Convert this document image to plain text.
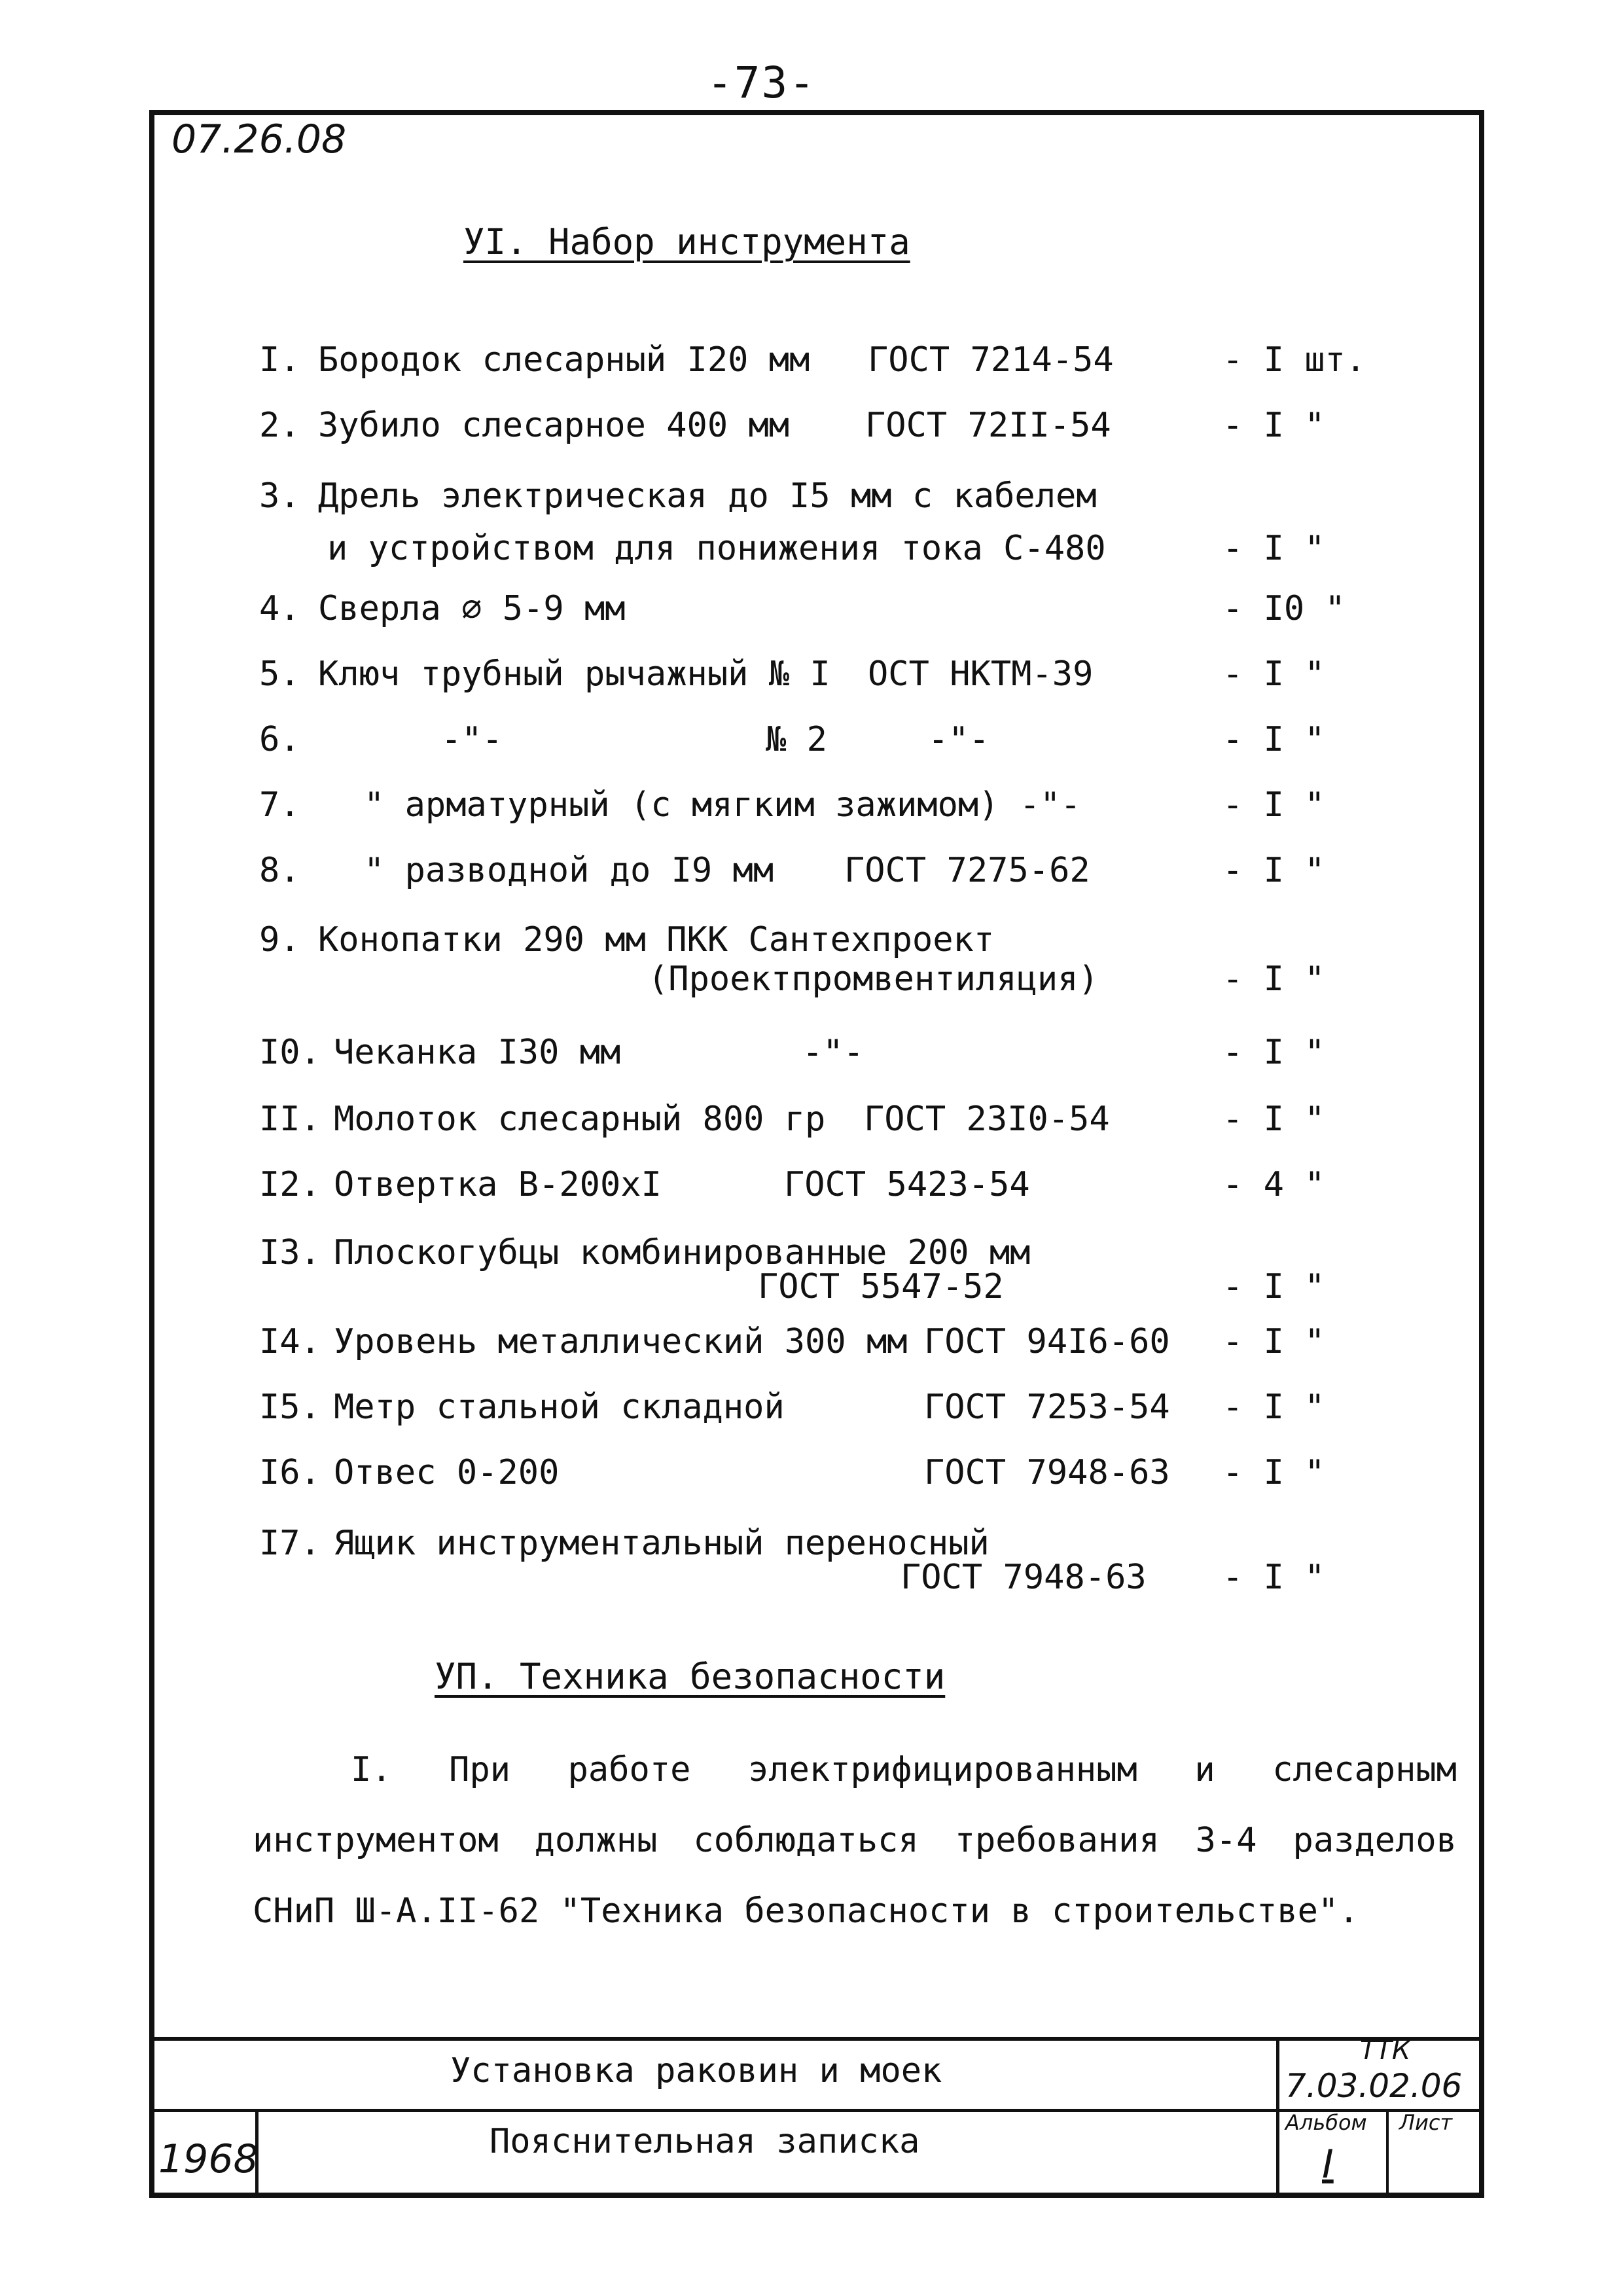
-73-
07.26.08
УI. Набор инструмента
I. Бородок слесарный I20 мм ГОСТ 7214-54	- I шт.
2. Зубило слесарное 400 мм ГОСТ 72II-54	- I "
3. Дрель электрическая до I5 мм с кабелем
и устройством для понижения тока С-480	- I "
4. Сверла ∅ 5-9 мм	- I0 "
5. Ключ трубный рычажный № I ОСТ НКТМ-39	- I "
6.	-"-	№ 2	-"-	- I "
7. " арматурный (с мягким зажимом) -"-	- I "
8. " разводной до I9 мм ГОСТ 7275-62	- I "
9. Конопатки 290 мм ПКК Сантехпроект
(Проектпромвентиляция)	- I "
I0. Чеканка I30 мм	-"-	- I "
II. Молоток слесарный 800 гр ГОСТ 23I0-54	- I "
I2. Отвертка В-200хI	ГОСТ 5423-54	- 4 "
I3. Плоскогубцы комбинированные 200 мм
ГОСТ 5547-52	- I "
I4. Уровень металлический 300 мм ГОСТ 94I6-60 - I "
I5. Метр стальной складной	ГОСТ 7253-54 - I "
I6. Отвес 0-200	ГОСТ 7948-63 - I "
I7. Ящик инструментальный переносный
ГОСТ 7948-63 - I "
УП. Техника безопасности
I. При работе электрифицированным и слесарным инструментом должны соблюдаться требования 3-4 разделов СНиП Ш-А.II-62 "Техника безопасности в строительстве".
Установка раковин и моек
Пояснительная записка
1968
ТТК
7.03.02.06
Альбом
I
Лист
